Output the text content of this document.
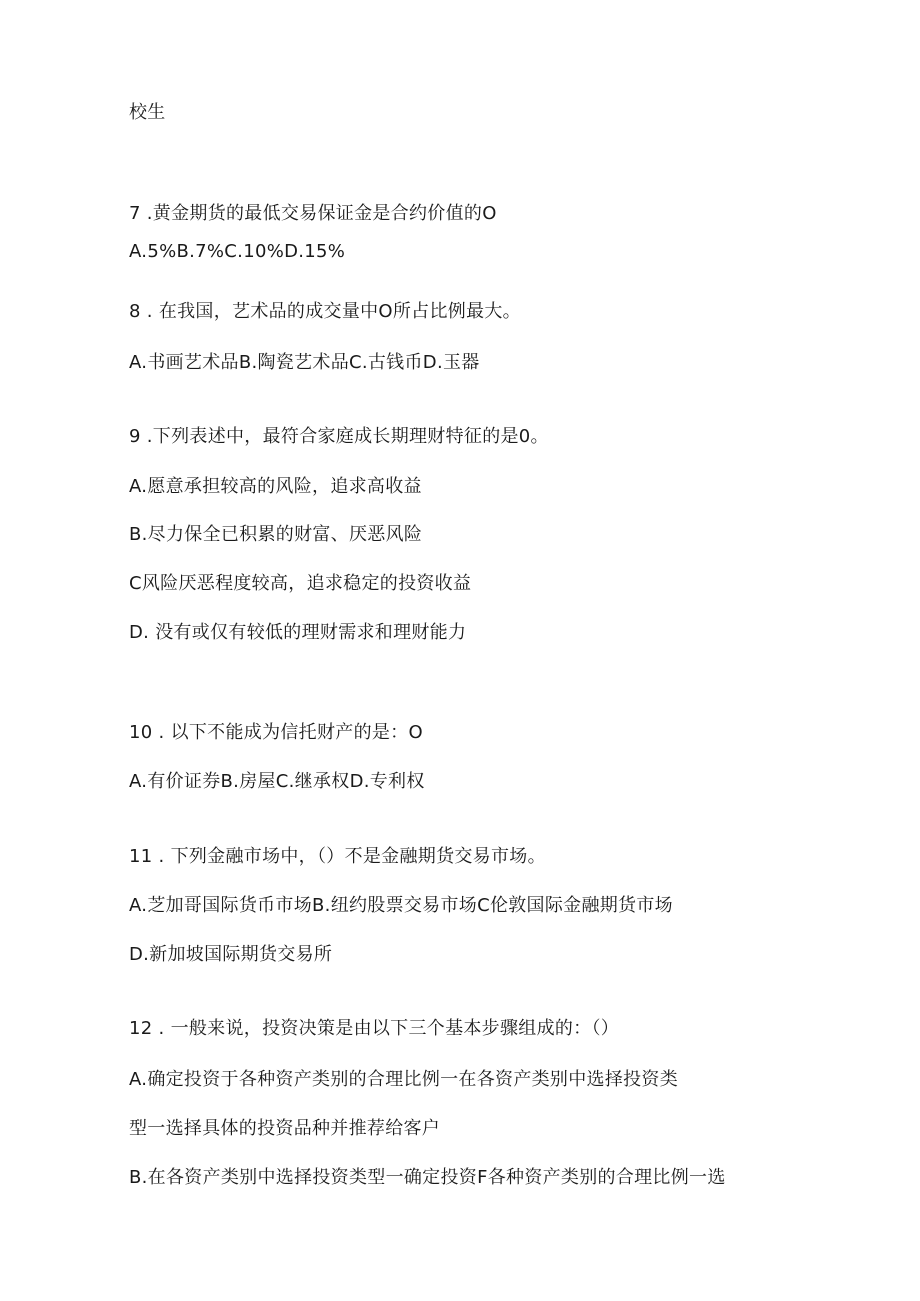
校生
7 .黄金期货的最低交易保证金是合约价值的O
A.5%B.7%C.10%D.15%
8 . 在我国，艺术品的成交量中O所占比例最大。
A.书画艺术品B.陶瓷艺术品C.古钱币D.玉器
9 .下列表述中，最符合家庭成长期理财特征的是0。
A.愿意承担较高的风险，追求高收益
B.尽力保全已积累的财富、厌恶风险
C风险厌恶程度较高，追求稳定的投资收益
D. 没有或仅有较低的理财需求和理财能力
10 . 以下不能成为信托财产的是：O
A.有价证券B.房屋C.继承权D.专利权
11 . 下列金融市场中，（）不是金融期货交易市场。
A.芝加哥国际货币市场B.纽约股票交易市场C伦敦国际金融期货市场
D.新加坡国际期货交易所
12 . 一般来说，投资决策是由以下三个基本步骤组成的：（）
A.确定投资于各种资产类别的合理比例一在各资产类别中选择投资类
型一选择具体的投资品种并推荐给客户
B.在各资产类别中选择投资类型一确定投资F各种资产类别的合理比例一选
